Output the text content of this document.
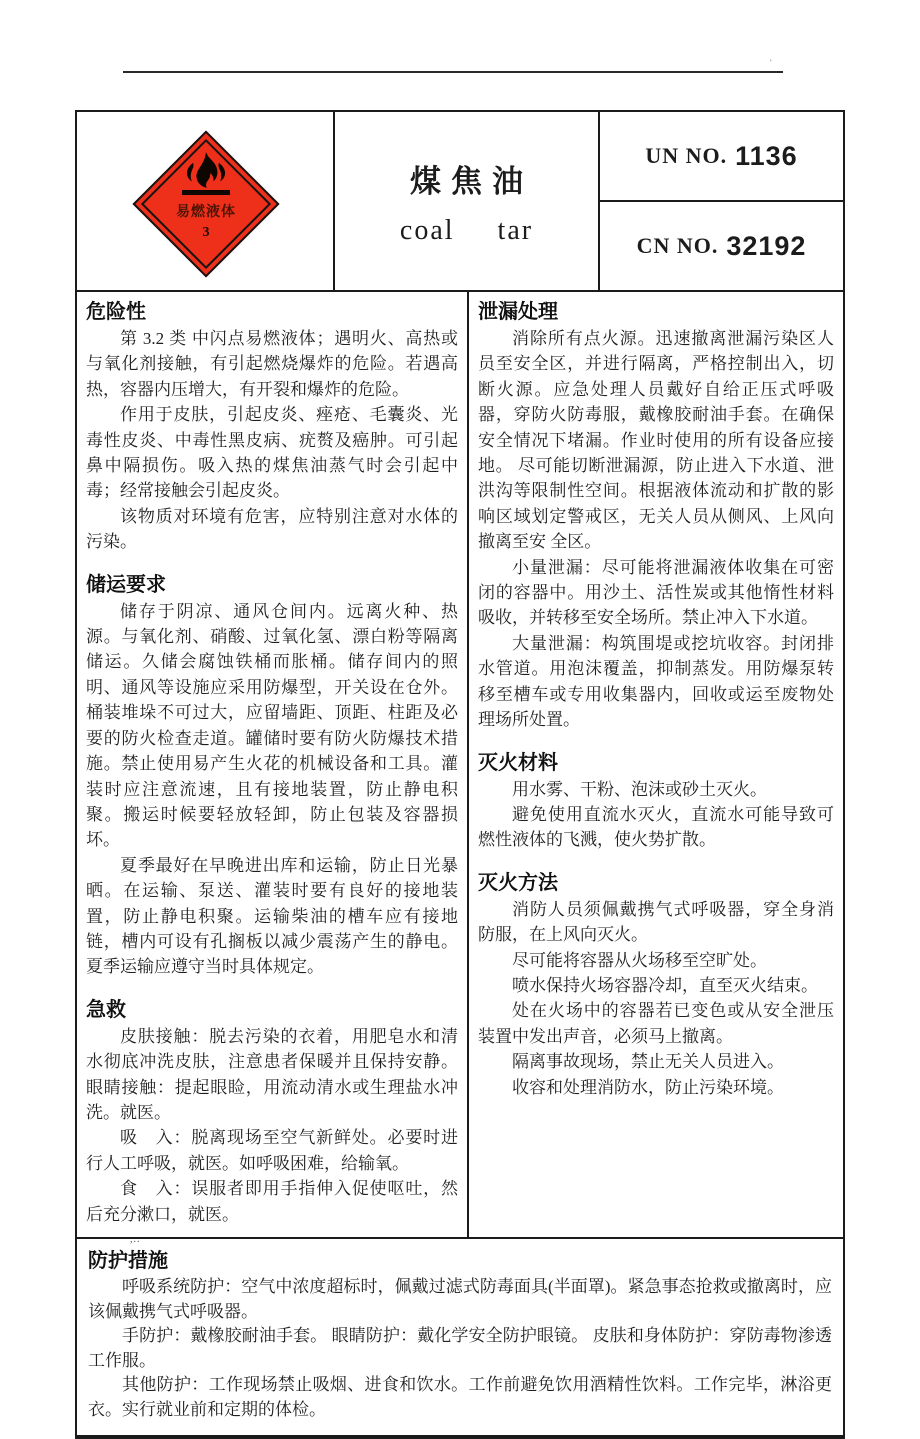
'
易燃液体
3
煤焦油
coal tar
UN NO. 1136
CN NO. 32192
危险性

第 3.2 类 中闪点易燃液体；遇明火、高热或与氧化剂接触，有引起燃烧爆炸的危险。若遇高热，容器内压增大，有开裂和爆炸的危险。

作用于皮肤，引起皮炎、痤疮、毛囊炎、光毒性皮炎、中毒性黑皮病、疣赘及癌肿。可引起鼻中隔损伤。吸入热的煤焦油蒸气时会引起中毒；经常接触会引起皮炎。

该物质对环境有危害，应特别注意对水体的污染。

储运要求

储存于阴凉、通风仓间内。远离火种、热源。与氧化剂、硝酸、过氧化氢、漂白粉等隔离储运。久储会腐蚀铁桶而胀桶。储存间内的照明、通风等设施应采用防爆型，开关设在仓外。桶装堆垛不可过大，应留墙距、顶距、柱距及必要的防火检查走道。罐储时要有防火防爆技术措施。禁止使用易产生火花的机械设备和工具。灌装时应注意流速，且有接地装置，防止静电积聚。搬运时候要轻放轻卸，防止包装及容器损坏。

夏季最好在早晚进出库和运输，防止日光暴晒。在运输、泵送、灌装时要有良好的接地装置，防止静电积聚。运输柴油的槽车应有接地链，槽内可设有孔搁板以减少震荡产生的静电。夏季运输应遵守当时具体规定。

急救

皮肤接触：脱去污染的衣着，用肥皂水和清水彻底冲洗皮肤，注意患者保暖并且保持安静。 眼睛接触：提起眼睑，用流动清水或生理盐水冲洗。就医。

吸　入：脱离现场至空气新鲜处。必要时进行人工呼吸，就医。如呼吸困难，给输氧。

食　入：误服者即用手指伸入促使呕吐，然后充分漱口，就医。

泄漏处理

消除所有点火源。迅速撤离泄漏污染区人员至安全区，并进行隔离，严格控制出入，切断火源。应急处理人员戴好自给正压式呼吸器，穿防火防毒服，戴橡胶耐油手套。在确保安全情况下堵漏。作业时使用的所有设备应接地。 尽可能切断泄漏源，防止进入下水道、泄洪沟等限制性空间。根据液体流动和扩散的影响区域划定警戒区，无关人员从侧风、上风向撤离至安 全区。

小量泄漏：尽可能将泄漏液体收集在可密闭的容器中。用沙土、活性炭或其他惰性材料吸收，并转移至安全场所。禁止冲入下水道。

大量泄漏：构筑围堤或挖坑收容。封闭排水管道。用泡沫覆盖，抑制蒸发。用防爆泵转移至槽车或专用收集器内，回收或运至废物处理场所处置。

灭火材料

用水雾、干粉、泡沫或砂土灭火。

避免使用直流水灭火，直流水可能导致可燃性液体的飞溅，使火势扩散。

灭火方法

消防人员须佩戴携气式呼吸器，穿全身消防服，在上风向灭火。

尽可能将容器从火场移至空旷处。

喷水保持火场容器冷却，直至灭火结束。

处在火场中的容器若已变色或从安全泄压装置中发出声音，必须马上撤离。

隔离事故现场，禁止无关人员进入。

收容和处理消防水，防止污染环境。

防护措施

呼吸系统防护：空气中浓度超标时，佩戴过滤式防毒面具(半面罩)。紧急事态抢救或撤离时，应该佩戴携气式呼吸器。

手防护：戴橡胶耐油手套。 眼睛防护：戴化学安全防护眼镜。 皮肤和身体防护：穿防毒物渗透工作服。

其他防护：工作现场禁止吸烟、进食和饮水。工作前避免饮用酒精性饮料。工作完毕，淋浴更衣。实行就业前和定期的体检。

,..
